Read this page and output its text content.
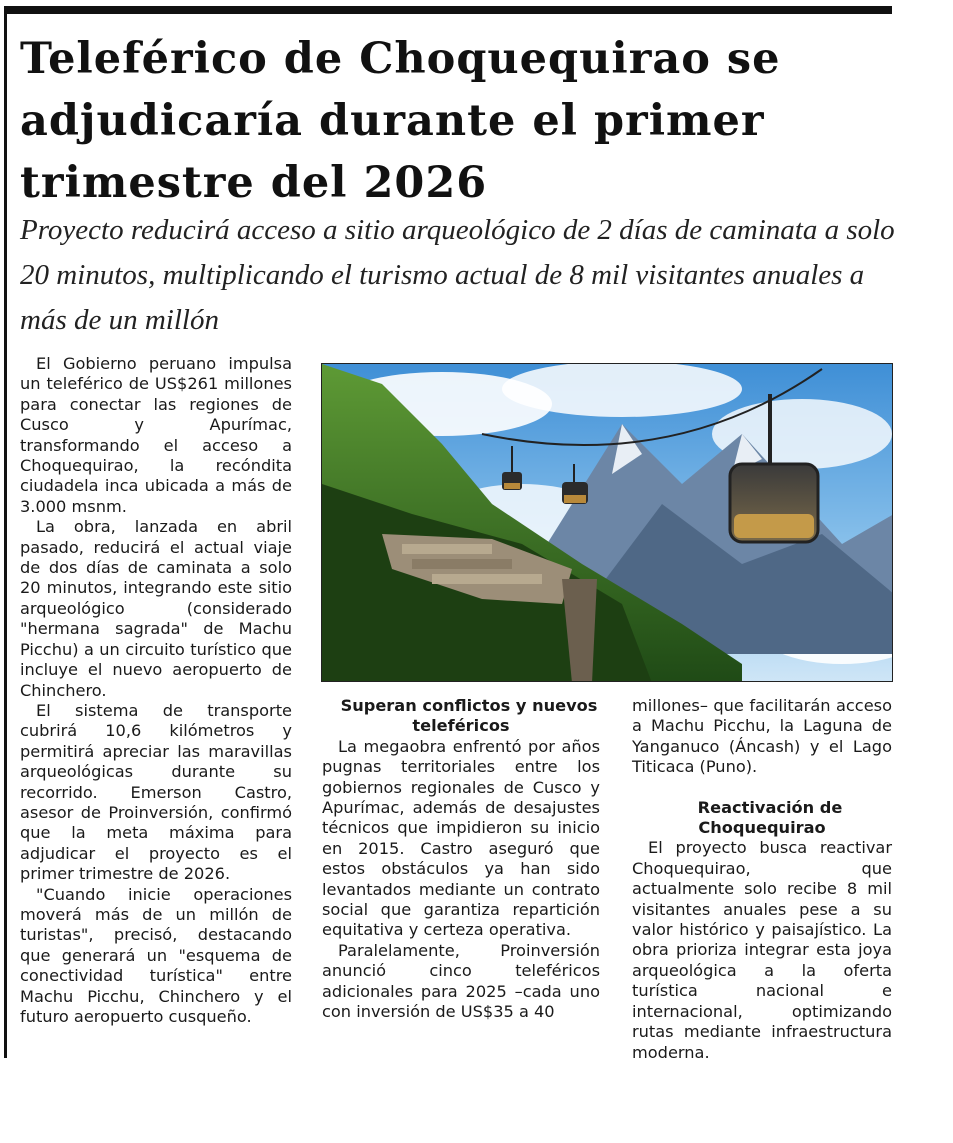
Teleférico de Choquequirao se adjudicaría durante el primer trimestre del 2026

Proyecto reducirá acceso a sitio arqueológico de 2 días de caminata a solo 20 minutos, multiplicando el turismo actual de 8 mil visitantes anuales a más de un millón

El Gobierno peruano impulsa un teleférico de US$261 millones para conectar las regiones de Cusco y Apurímac, transformando el acceso a Choquequirao, la recóndita ciudadela inca ubicada a más de 3.000 msnm.

La obra, lanzada en abril pasado, reducirá el actual viaje de dos días de caminata a solo 20 minutos, integrando este sitio arqueológico (considerado "hermana sagrada" de Machu Picchu) a un circuito turístico que incluye el nuevo aeropuerto de Chinchero.

El sistema de transporte cubrirá 10,6 kilómetros y permitirá apreciar las maravillas arqueológicas durante su recorrido. Emerson Castro, asesor de Proinversión, confirmó que la meta máxima para adjudicar el proyecto es el primer trimestre de 2026.

"Cuando inicie operaciones moverá más de un millón de turistas", precisó, destacando que generará un "esquema de conectividad turística" entre Machu Picchu, Chinchero y el futuro aeropuerto cusqueño.

Superan conflictos y nuevos teleféricos

La megaobra enfrentó por años pugnas territoriales entre los gobiernos regionales de Cusco y Apurímac, además de desajustes técnicos que impidieron su inicio en 2015. Castro aseguró que estos obstáculos ya han sido levantados mediante un contrato social que garantiza repartición equitativa y certeza operativa.

Paralelamente, Proinversión anunció cinco teleféricos adicionales para 2025 –cada uno con inversión de US$35 a 40

millones– que facilitarán acceso a Machu Picchu, la Laguna de Yanganuco (Áncash) y el Lago Titicaca (Puno).

Reactivación de Choquequirao

El proyecto busca reactivar Choquequirao, que actualmente solo recibe 8 mil visitantes anuales pese a su valor histórico y paisajístico. La obra prioriza integrar esta joya arqueológica a la oferta turística nacional e internacional, optimizando rutas mediante infraestructura moderna.
